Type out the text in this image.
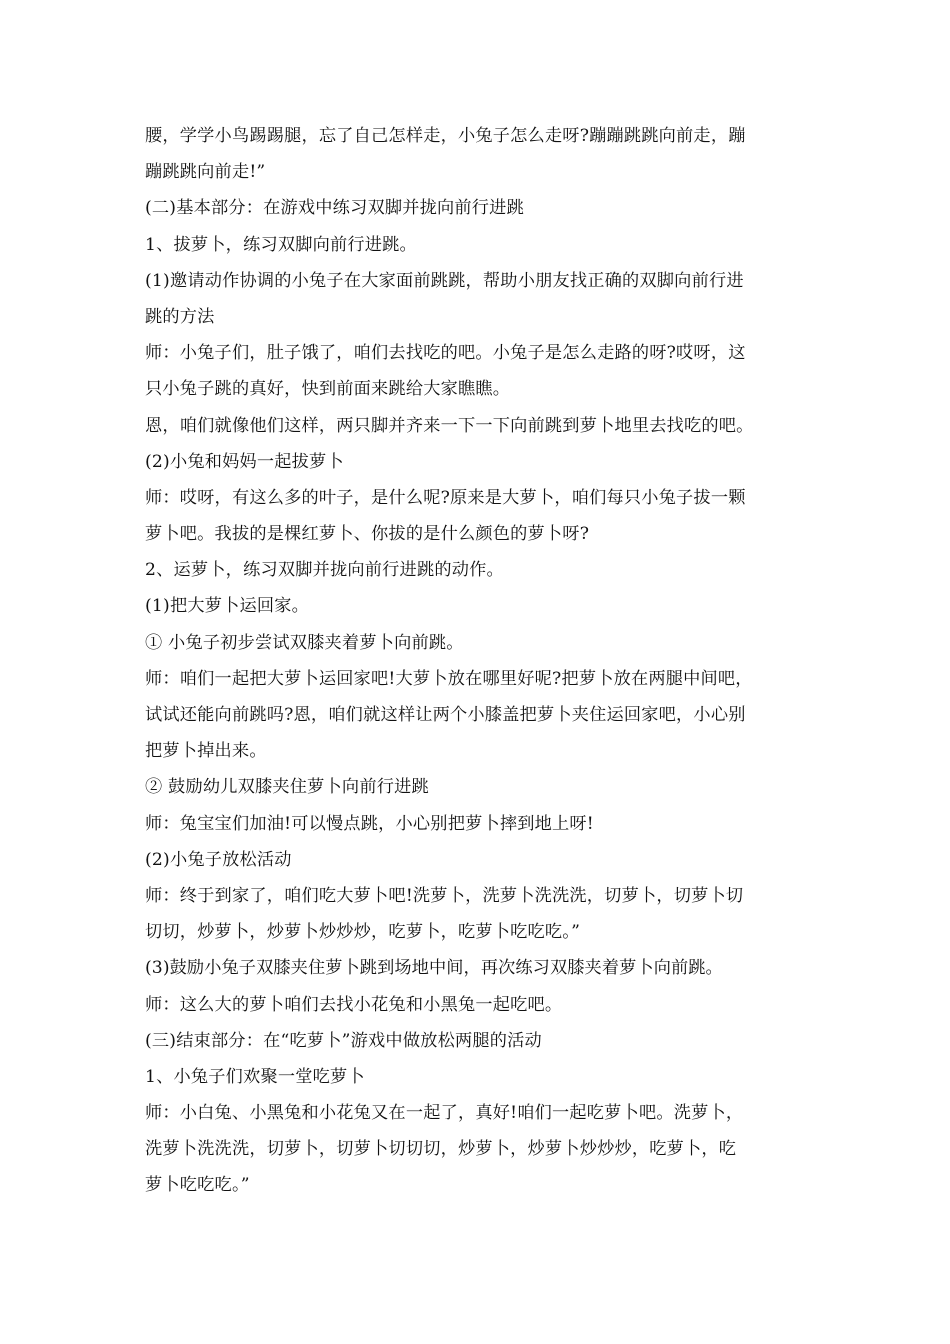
腰，学学小鸟踢踢腿，忘了自己怎样走，小兔子怎么走呀?蹦蹦跳跳向前走，蹦
蹦跳跳向前走!”
(二)基本部分：在游戏中练习双脚并拢向前行进跳
1、拔萝卜，练习双脚向前行进跳。
(1)邀请动作协调的小兔子在大家面前跳跳，帮助小朋友找正确的双脚向前行进
跳的方法
师：小兔子们，肚子饿了，咱们去找吃的吧。小兔子是怎么走路的呀?哎呀，这
只小兔子跳的真好，快到前面来跳给大家瞧瞧。
恩，咱们就像他们这样，两只脚并齐来一下一下向前跳到萝卜地里去找吃的吧。
(2)小兔和妈妈一起拔萝卜
师：哎呀，有这么多的叶子，是什么呢?原来是大萝卜，咱们每只小兔子拔一颗
萝卜吧。我拔的是棵红萝卜、你拔的是什么颜色的萝卜呀?
2、运萝卜，练习双脚并拢向前行进跳的动作。
(1)把大萝卜运回家。
① 小兔子初步尝试双膝夹着萝卜向前跳。
师：咱们一起把大萝卜运回家吧!大萝卜放在哪里好呢?把萝卜放在两腿中间吧，
试试还能向前跳吗?恩，咱们就这样让两个小膝盖把萝卜夹住运回家吧，小心别
把萝卜掉出来。
② 鼓励幼儿双膝夹住萝卜向前行进跳
师：兔宝宝们加油!可以慢点跳，小心别把萝卜摔到地上呀!
(2)小兔子放松活动
师：终于到家了，咱们吃大萝卜吧!洗萝卜，洗萝卜洗洗洗，切萝卜，切萝卜切
切切，炒萝卜，炒萝卜炒炒炒，吃萝卜，吃萝卜吃吃吃。”
(3)鼓励小兔子双膝夹住萝卜跳到场地中间，再次练习双膝夹着萝卜向前跳。
师：这么大的萝卜咱们去找小花兔和小黑兔一起吃吧。
(三)结束部分：在“吃萝卜”游戏中做放松两腿的活动
1、小兔子们欢聚一堂吃萝卜
师：小白兔、小黑兔和小花兔又在一起了，真好!咱们一起吃萝卜吧。洗萝卜，
洗萝卜洗洗洗，切萝卜，切萝卜切切切，炒萝卜，炒萝卜炒炒炒，吃萝卜，吃
萝卜吃吃吃。”
